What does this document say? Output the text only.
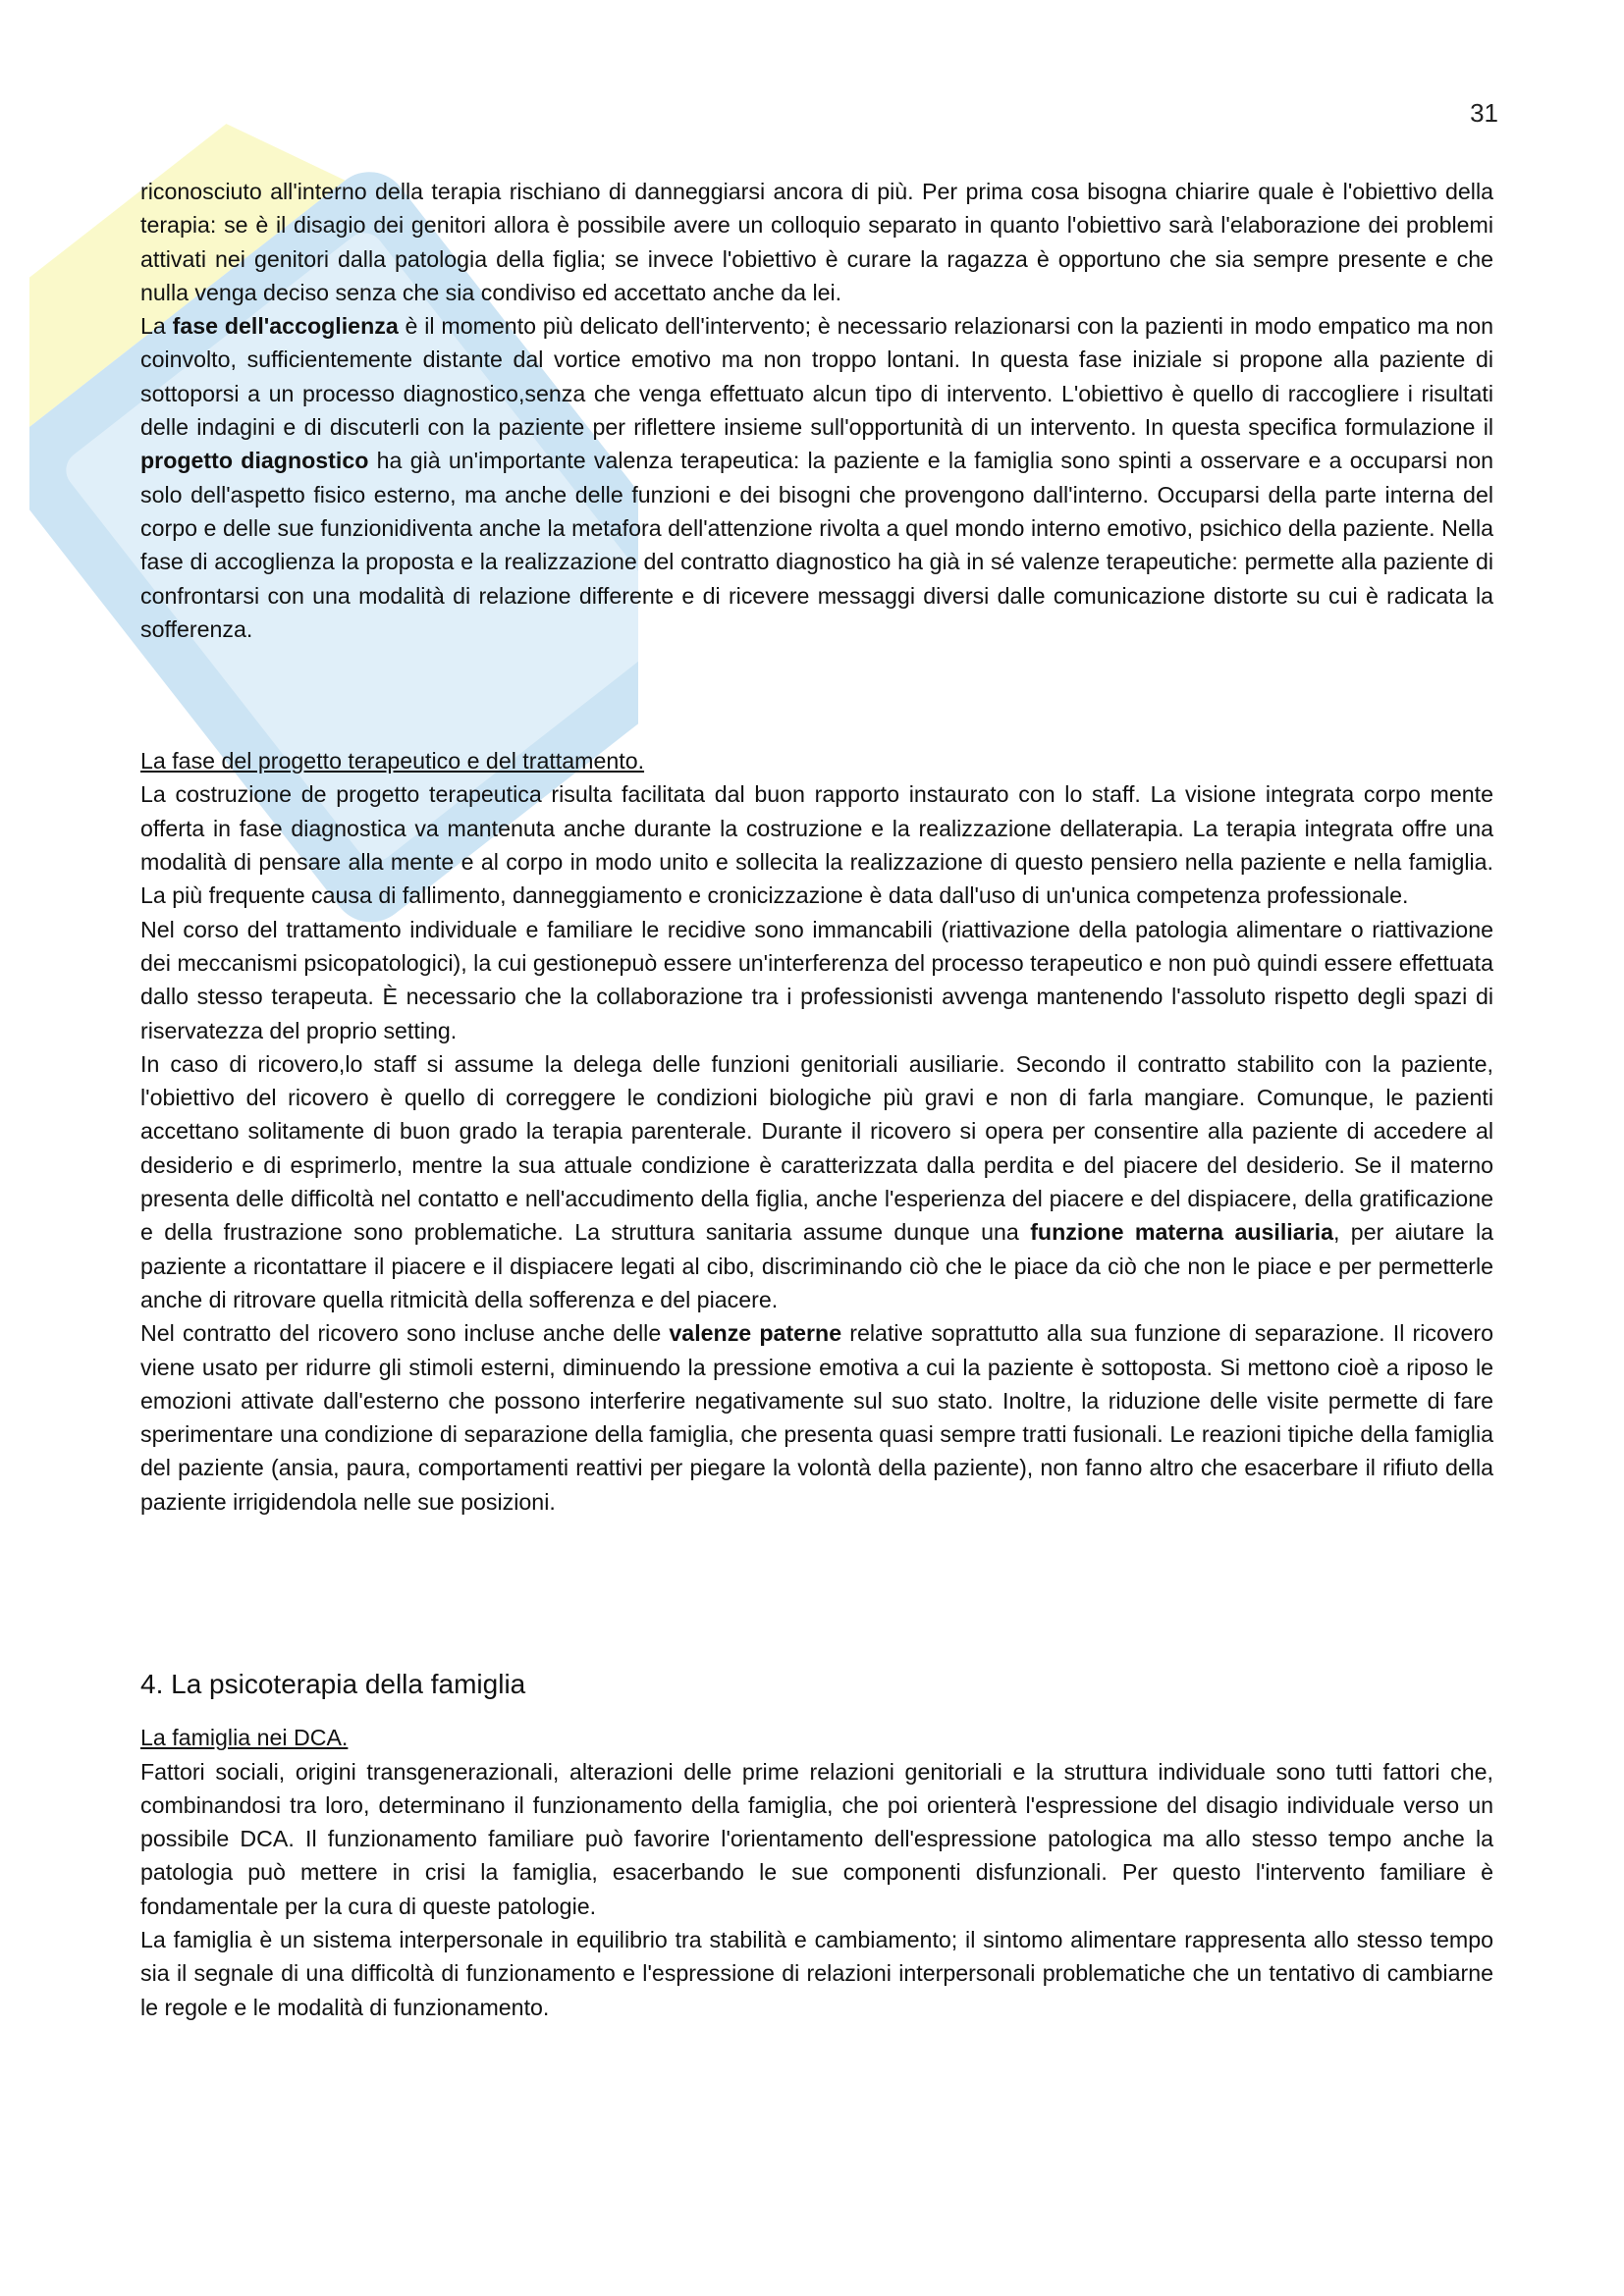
31

riconosciuto all'interno della terapia rischiano di danneggiarsi ancora di più. Per prima cosa bisogna chiarire quale è l'obiettivo della terapia: se è il disagio dei genitori allora è possibile avere un colloquio separato in quanto l'obiettivo sarà l'elaborazione dei problemi attivati nei genitori dalla patologia della figlia; se invece l'obiettivo è curare la ragazza è opportuno che sia sempre presente e che nulla venga deciso senza che sia condiviso ed accettato anche da lei.

La fase dell'accoglienza è il momento più delicato dell'intervento; è necessario relazionarsi con la pazienti in modo empatico ma non coinvolto, sufficientemente distante dal vortice emotivo ma non troppo lontani. In questa fase iniziale si propone alla paziente di sottoporsi a un processo diagnostico,senza che venga effettuato alcun tipo di intervento. L'obiettivo è quello di raccogliere i risultati delle indagini e di discuterli con la paziente per riflettere insieme sull'opportunità di un intervento. In questa specifica formulazione il progetto diagnostico ha già un'importante valenza terapeutica: la paziente e la famiglia sono spinti a osservare e a occuparsi non solo dell'aspetto fisico esterno, ma anche delle funzioni e dei bisogni che provengono dall'interno. Occuparsi della parte interna del corpo e delle sue funzionidiventa anche la metafora dell'attenzione rivolta a quel mondo interno emotivo, psichico della paziente. Nella fase di accoglienza la proposta e la realizzazione del contratto diagnostico ha già in sé valenze terapeutiche: permette alla paziente di confrontarsi con una modalità di relazione differente e di ricevere messaggi diversi dalle comunicazione distorte su cui è radicata la sofferenza.

La fase del progetto terapeutico e del trattamento.

La costruzione de progetto terapeutica risulta facilitata dal buon rapporto instaurato con lo staff. La visione integrata corpo mente offerta in fase diagnostica va mantenuta anche durante la costruzione e la realizzazione dellaterapia. La terapia integrata offre una modalità di pensare alla mente e al corpo in modo unito e sollecita la realizzazione di questo pensiero nella paziente e nella famiglia. La più frequente causa di fallimento, danneggiamento e cronicizzazione è data dall'uso di un'unica competenza professionale.

Nel corso del trattamento individuale e familiare le recidive sono immancabili (riattivazione della patologia alimentare o riattivazione dei meccanismi psicopatologici), la cui gestionepuò essere un'interferenza del processo terapeutico e non può quindi essere effettuata dallo stesso terapeuta. È necessario che la collaborazione tra i professionisti avvenga mantenendo l'assoluto rispetto degli spazi di riservatezza del proprio setting.

In caso di ricovero,lo staff si assume la delega delle funzioni genitoriali ausiliarie. Secondo il contratto stabilito con la paziente, l'obiettivo del ricovero è quello di correggere le condizioni biologiche più gravi e non di farla mangiare. Comunque, le pazienti accettano solitamente di buon grado la terapia parenterale. Durante il ricovero si opera per consentire alla paziente di accedere al desiderio e di esprimerlo, mentre la sua attuale condizione è caratterizzata dalla perdita e del piacere del desiderio. Se il materno presenta delle difficoltà nel contatto e nell'accudimento della figlia, anche l'esperienza del piacere e del dispiacere, della gratificazione e della frustrazione sono problematiche. La struttura sanitaria assume dunque una funzione materna ausiliaria, per aiutare la paziente a ricontattare il piacere e il dispiacere legati al cibo, discriminando ciò che le piace da ciò che non le piace e per permetterle anche di ritrovare quella ritmicità della sofferenza e del piacere.

Nel contratto del ricovero sono incluse anche delle valenze paterne relative soprattutto alla sua funzione di separazione. Il ricovero viene usato per ridurre gli stimoli esterni, diminuendo la pressione emotiva a cui la paziente è sottoposta. Si mettono cioè a riposo le emozioni attivate dall'esterno che possono interferire negativamente sul suo stato. Inoltre, la riduzione delle visite permette di fare sperimentare una condizione di separazione della famiglia, che presenta quasi sempre tratti fusionali. Le reazioni tipiche della famiglia del paziente (ansia, paura, comportamenti reattivi per piegare la volontà della paziente), non fanno altro che esacerbare il rifiuto della paziente irrigidendola nelle sue posizioni.

4. La psicoterapia della famiglia

La famiglia nei DCA.

Fattori sociali, origini transgenerazionali, alterazioni delle prime relazioni genitoriali e la struttura individuale sono tutti fattori che, combinandosi tra loro, determinano il funzionamento della famiglia, che poi orienterà l'espressione del disagio individuale verso un possibile DCA. Il funzionamento familiare può favorire l'orientamento dell'espressione patologica ma allo stesso tempo anche la patologia può mettere in crisi la famiglia, esacerbando le sue componenti disfunzionali. Per questo l'intervento familiare è fondamentale per la cura di queste patologie.

La famiglia è un sistema interpersonale in equilibrio tra stabilità e cambiamento; il sintomo alimentare rappresenta allo stesso tempo sia il segnale di una difficoltà di funzionamento e l'espressione di relazioni interpersonali problematiche che un tentativo di cambiarne le regole e le modalità di funzionamento.
